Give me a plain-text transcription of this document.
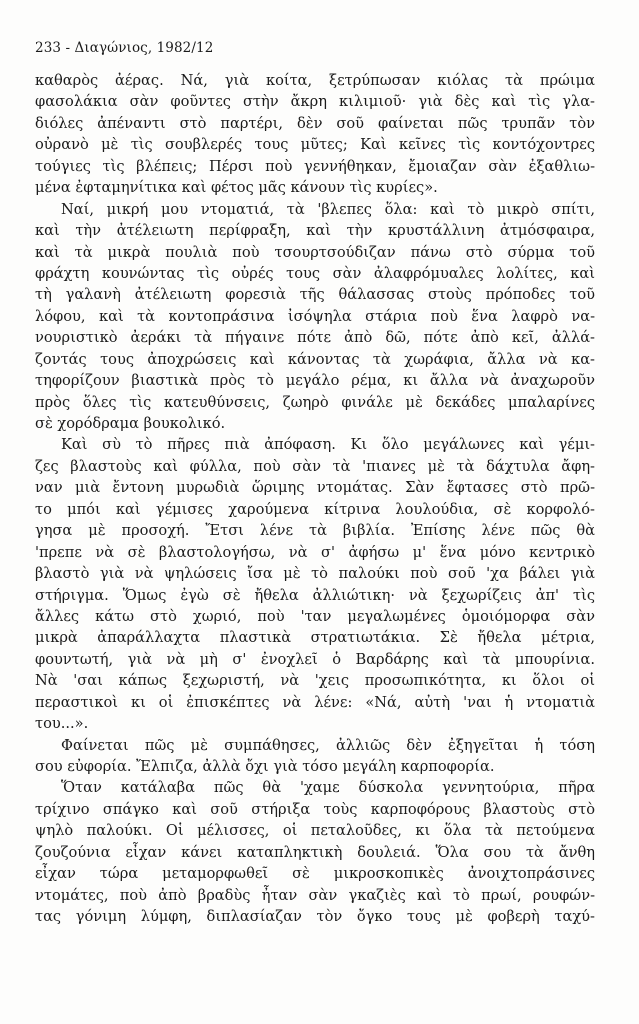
233 - Διαγώνιος, 1982/12
καθαρὸς ἀέρας. Νά, γιὰ κοίτα, ξετρύπωσαν κιόλας τὰ πρώιμα
φασολάκια σὰν φοῦντες στὴν ἄκρη κιλιμιοῦ· γιὰ δὲς καὶ τὶς γλα-
διόλες ἀπέναντι στὸ παρτέρι, δὲν σοῦ φαίνεται πῶς τρυπᾶν τὸν
οὐρανὸ μὲ τὶς σουβλερές τους μῦτες; Καὶ κεῖνες τὶς κοντόχοντρες
τούγιες τὶς βλέπεις; Πέρσι ποὺ γεννήθηκαν, ἔμοιαζαν σὰν ἐξαθλιω-
μένα ἐφταμηνίτικα καὶ φέτος μᾶς κάνουν τὶς κυρίες».
Ναί, μικρή μου ντοματιά, τὰ 'βλεπες ὅλα: καὶ τὸ μικρὸ σπίτι,
καὶ τὴν ἀτέλειωτη περίφραξη, καὶ τὴν κρυστάλλινη ἀτμόσφαιρα,
καὶ τὰ μικρὰ πουλιὰ ποὺ τσουρτσούδιζαν πάνω στὸ σύρμα τοῦ
φράχτη κουνώντας τὶς οὐρές τους σὰν ἀλαφρόμυαλες λολίτες, καὶ
τὴ γαλανὴ ἀτέλειωτη φορεσιὰ τῆς θάλασσας στοὺς πρόποδες τοῦ
λόφου, καὶ τὰ κοντοπράσινα ἰσόψηλα στάρια ποὺ ἕνα λαφρὸ να-
νουριστικὸ ἀεράκι τὰ πήγαινε πότε ἀπὸ δῶ, πότε ἀπὸ κεῖ, ἀλλά-
ζοντάς τους ἀποχρώσεις καὶ κάνοντας τὰ χωράφια, ἄλλα νὰ κα-
τηφορίζουν βιαστικὰ πρὸς τὸ μεγάλο ρέμα, κι ἄλλα νὰ ἀναχωροῦν
πρὸς ὅλες τὶς κατευθύνσεις, ζωηρὸ φινάλε μὲ δεκάδες μπαλαρίνες
σὲ χορόδραμα βουκολικό.
Καὶ σὺ τὸ πῆρες πιὰ ἀπόφαση. Κι ὅλο μεγάλωνες καὶ γέμι-
ζες βλαστοὺς καὶ φύλλα, ποὺ σὰν τὰ 'πιανες μὲ τὰ δάχτυλα ἄφη-
ναν μιὰ ἔντονη μυρωδιὰ ὥριμης ντομάτας. Σὰν ἔφτασες στὸ πρῶ-
το μπόι καὶ γέμισες χαρούμενα κίτρινα λουλούδια, σὲ κορφολό-
γησα μὲ προσοχή. Ἔτσι λένε τὰ βιβλία. Ἐπίσης λένε πῶς θὰ
'πρεπε νὰ σὲ βλαστολογήσω, νὰ σ' ἀφήσω μ' ἕνα μόνο κεντρικὸ
βλαστὸ γιὰ νὰ ψηλώσεις ἴσα μὲ τὸ παλούκι ποὺ σοῦ 'χα βάλει γιὰ
στήριγμα. Ὅμως ἐγὼ σὲ ἤθελα ἀλλιώτικη· νὰ ξεχωρίζεις ἀπ' τὶς
ἄλλες κάτω στὸ χωριό, ποὺ 'ταν μεγαλωμένες ὁμοιόμορφα σὰν
μικρὰ ἀπαράλλαχτα πλαστικὰ στρατιωτάκια. Σὲ ἤθελα μέτρια,
φουντωτή, γιὰ νὰ μὴ σ' ἐνοχλεῖ ὁ Βαρδάρης καὶ τὰ μπουρίνια.
Νὰ 'σαι κάπως ξεχωριστή, νὰ 'χεις προσωπικότητα, κι ὅλοι οἱ
περαστικοὶ κι οἱ ἐπισκέπτες νὰ λένε: «Νά, αὐτὴ 'ναι ἡ ντοματιὰ
του...».
Φαίνεται πῶς μὲ συμπάθησες, ἀλλιῶς δὲν ἐξηγεῖται ἡ τόση
σου εὐφορία. Ἔλπιζα, ἀλλὰ ὄχι γιὰ τόσο μεγάλη καρποφορία.
Ὅταν κατάλαβα πῶς θὰ 'χαμε δύσκολα γεννητούρια, πῆρα
τρίχινο σπάγκο καὶ σοῦ στήριξα τοὺς καρποφόρους βλαστοὺς στὸ
ψηλὸ παλούκι. Οἱ μέλισσες, οἱ πεταλοῦδες, κι ὅλα τὰ πετούμενα
ζουζούνια εἶχαν κάνει καταπληκτικὴ δουλειά. Ὅλα σου τὰ ἄνθη
εἶχαν τώρα μεταμορφωθεῖ σὲ μικροσκοπικὲς ἀνοιχτοπράσινες
ντομάτες, ποὺ ἀπὸ βραδὺς ἦταν σὰν γκαζιὲς καὶ τὸ πρωί, ρουφών-
τας γόνιμη λύμφη, διπλασίαζαν τὸν ὄγκο τους μὲ φοβερὴ ταχύ-
